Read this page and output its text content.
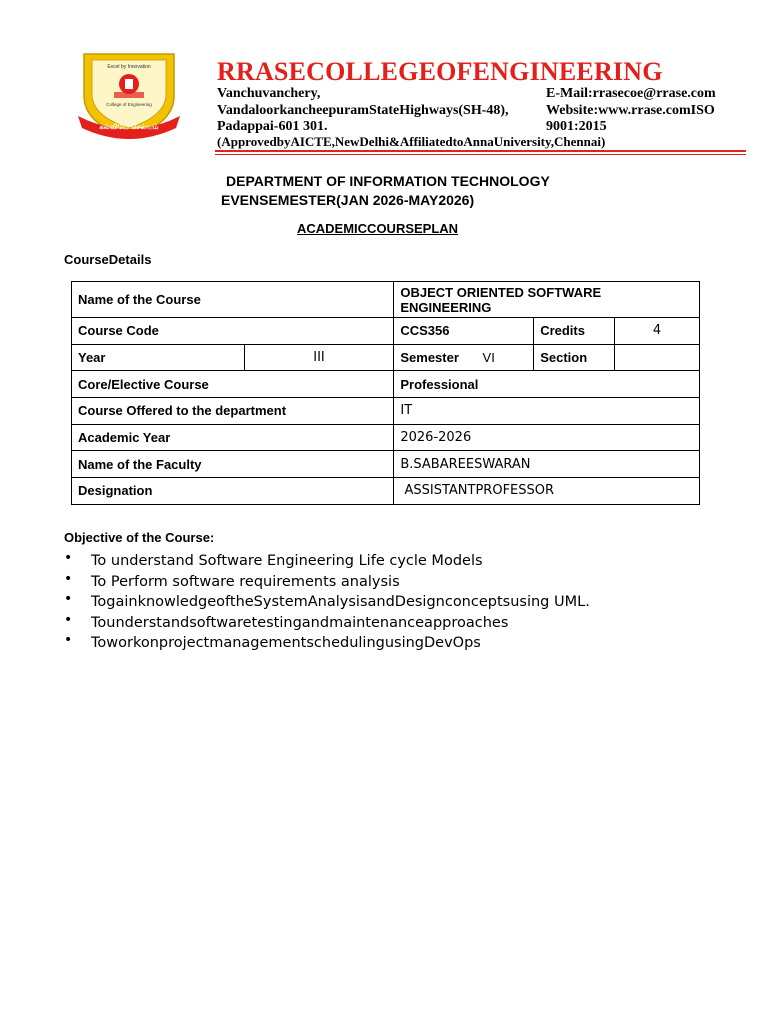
Excel by Innovation
College of Engineering
கல்வியே செல்வம்
RRASECOLLEGEOFENGINEERING
Vanchuvanchery,
VandaloorkancheepuramStateHighways(SH-48),
Padappai-601 301.
E-Mail:rrasecoe@rrase.com
Website:www.rrase.comISO
9001:2015
(ApprovedbyAICTE,NewDelhi&AffiliatedtoAnnaUniversity,Chennai)
DEPARTMENT OF INFORMATION TECHNOLOGY
EVENSEMESTER(JAN 2026-MAY2026)
ACADEMICCOURSEPLAN
CourseDetails
Name of the Course		OBJECT ORIENTED SOFTWARE ENGINEERING		
Course Code		CCS356	Credits	4
Year	III	Semester VI	Section	
Core/Elective Course		Professional		
Course Offered to the department		IT		
Academic Year		2026-2026		
Name of the Faculty		B.SABAREESWARAN		
Designation		ASSISTANTPROFESSOR		
Objective of the Course:
• To understand Software Engineering Life cycle Models
• To Perform software requirements analysis
• TogainknowledgeoftheSystemAnalysisandDesignconceptsusing UML.
• Tounderstandsoftwaretestingandmaintenanceapproaches
• ToworkonprojectmanagementschedulingusingDevOps
